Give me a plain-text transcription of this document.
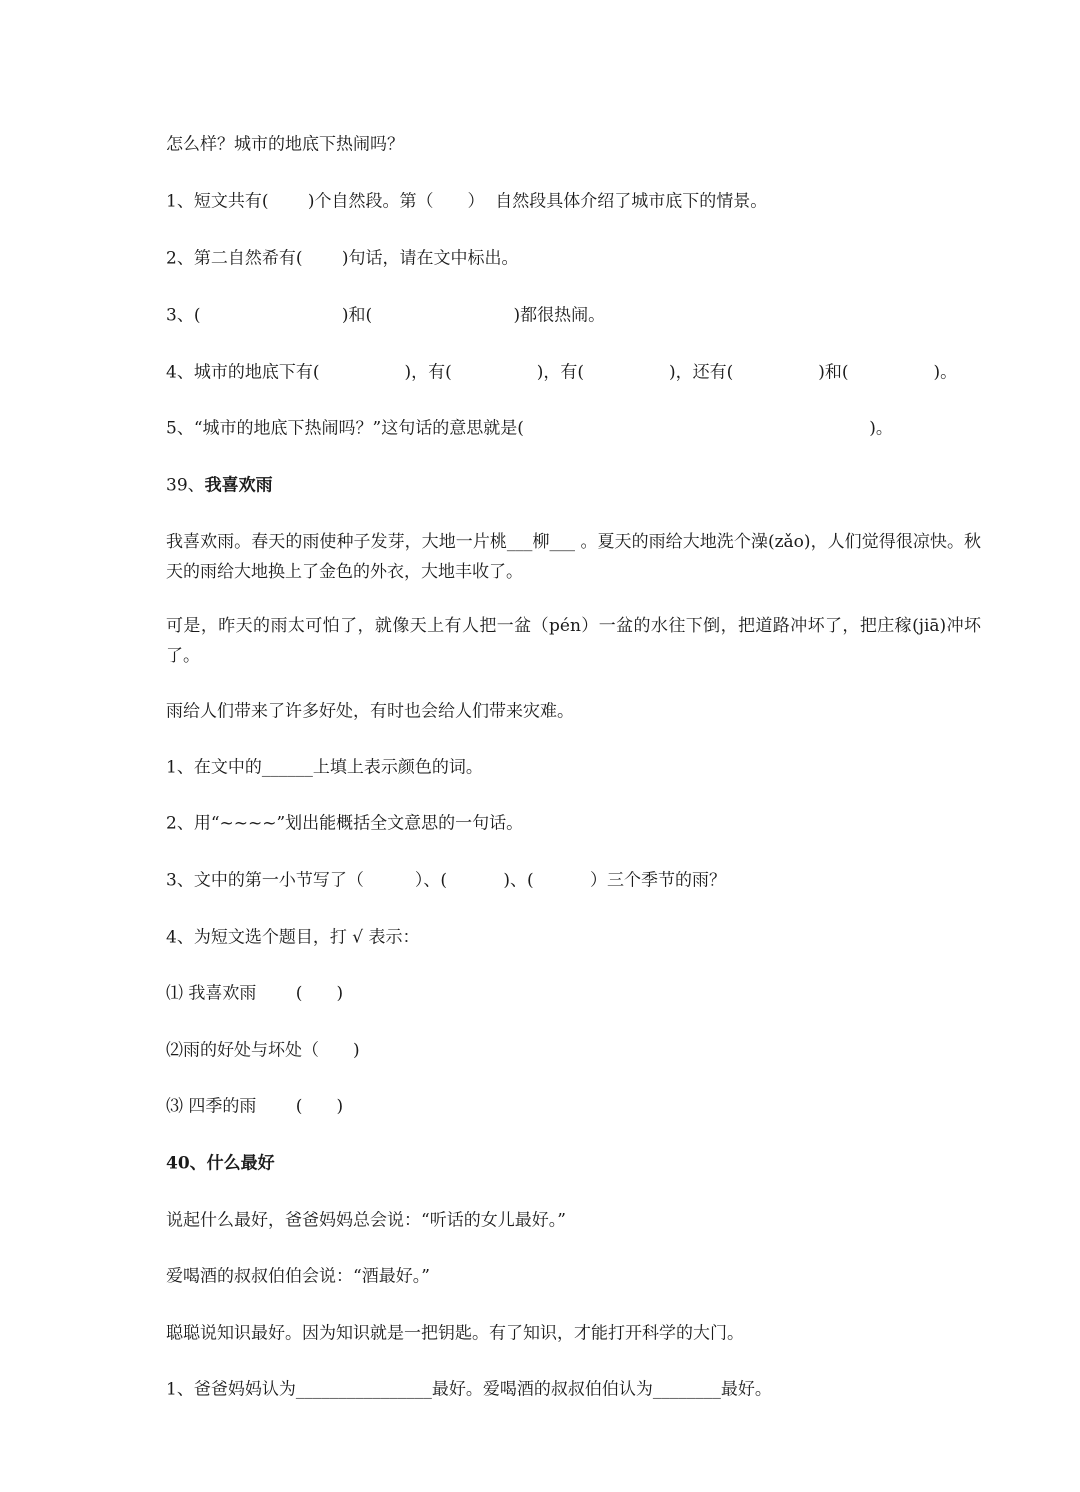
怎么样？城市的地底下热闹吗？

1、短文共有(　　 )个自然段。第（　　）  自然段具体介绍了城市底下的情景。

2、第二自然希有(　　 )句话，请在文中标出。

3、(　　　　　　　　 )和(　　　　　　　　 )都很热闹。

4、城市的地底下有(　　　　　)，有(　　　　　)，有(　　　　　)，还有(　　　　　)和(　　　　　)。

5、“城市的地底下热闹吗？”这句话的意思就是(　　　　　　　　　　　　　　　　　　　　 )。

39、我喜欢雨

我喜欢雨。春天的雨使种子发芽，大地一片桃___柳___ 。夏天的雨给大地洗个澡(zǎo)，人们觉得很凉快。秋天的雨给大地换上了金色的外衣，大地丰收了。

可是，昨天的雨太可怕了，就像天上有人把一盆（pén）一盆的水往下倒，把道路冲坏了，把庄稼(jiā)冲坏了。

雨给人们带来了许多好处，有时也会给人们带来灾难。

1、在文中的______上填上表示颜色的词。

2、用“~~~~”划出能概括全文意思的一句话。

3、文中的第一小节写了（　　　）、(　　　 )、(　　　 ）三个季节的雨？

4、为短文选个题目，打 √ 表示：

⑴ 我喜欢雨　　 (　　)

⑵雨的好处与坏处（　　)

⑶ 四季的雨　　 (　　)

40、什么最好

说起什么最好，爸爸妈妈总会说：“听话的女儿最好。”

爱喝酒的叔叔伯伯会说：“酒最好。”

聪聪说知识最好。因为知识就是一把钥匙。有了知识，才能打开科学的大门。

1、爸爸妈妈认为________________最好。爱喝酒的叔叔伯伯认为________最好。
